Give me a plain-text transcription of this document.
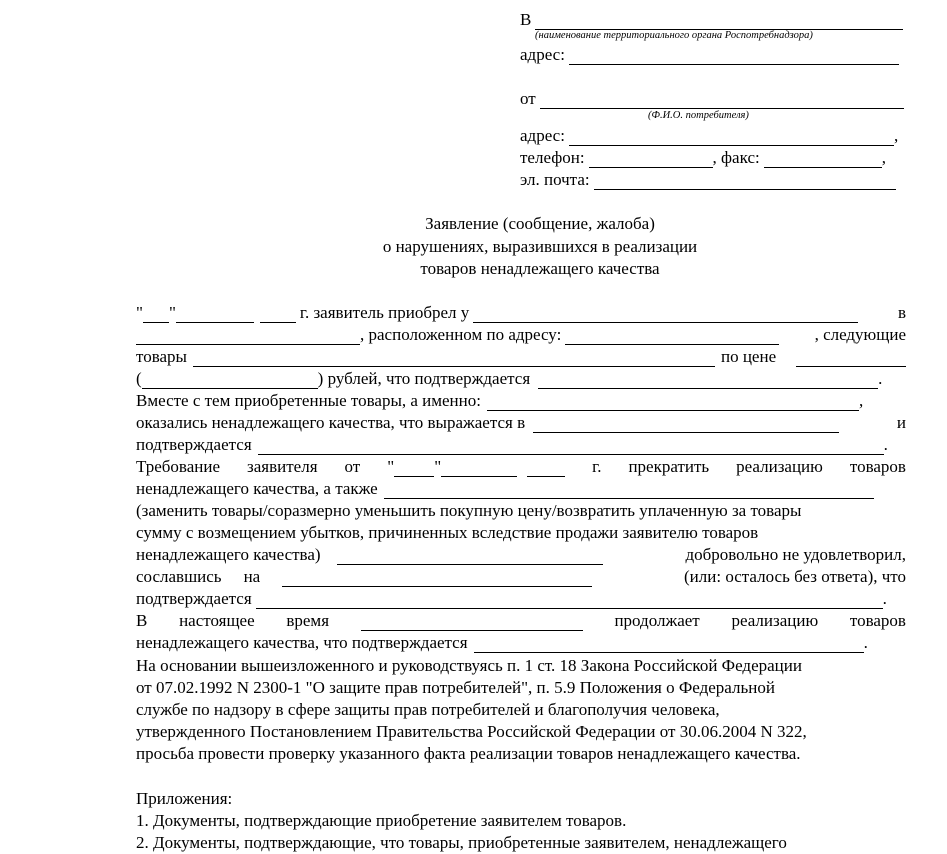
В
(наименование территориального органа Роспотребнадзора)
адрес:
от
(Ф.И.О. потребителя)
адрес:	,
телефон:	, факс:	,
эл. почта:
Заявление (сообщение, жалоба)
о нарушениях, выразившихся в реализации
товаров ненадлежащего качества
" "	г. заявитель приобрел у	в
, расположенном по адресу:	, следующие
товары	по цене
(	) рублей, что подтверждается	.
Вместе с тем приобретенные товары, а именно:	,
оказались ненадлежащего качества, что выражается в	и
подтверждается	.
Требование заявителя от " "	г. прекратить реализацию товаров
ненадлежащего качества, а также
(заменить товары/соразмерно уменьшить покупную цену/возвратить уплаченную за товары
сумму с возмещением убытков, причиненных вследствие продажи заявителю товаров
ненадлежащего качества)	добровольно не удовлетворил,
сославшись на	(или: осталось без ответа), что
подтверждается	.
В настоящее время	продолжает реализацию товаров
ненадлежащего качества, что подтверждается	.
На основании вышеизложенного и руководствуясь п. 1 ст. 18 Закона Российской Федерации
от 07.02.1992 N 2300-1 "О защите прав потребителей", п. 5.9 Положения о Федеральной
службе по надзору в сфере защиты прав потребителей и благополучия человека,
утвержденного Постановлением Правительства Российской Федерации от 30.06.2004 N 322,
просьба провести проверку указанного факта реализации товаров ненадлежащего качества.
Приложения:
1. Документы, подтверждающие приобретение заявителем товаров.
2. Документы, подтверждающие, что товары, приобретенные заявителем, ненадлежащего
